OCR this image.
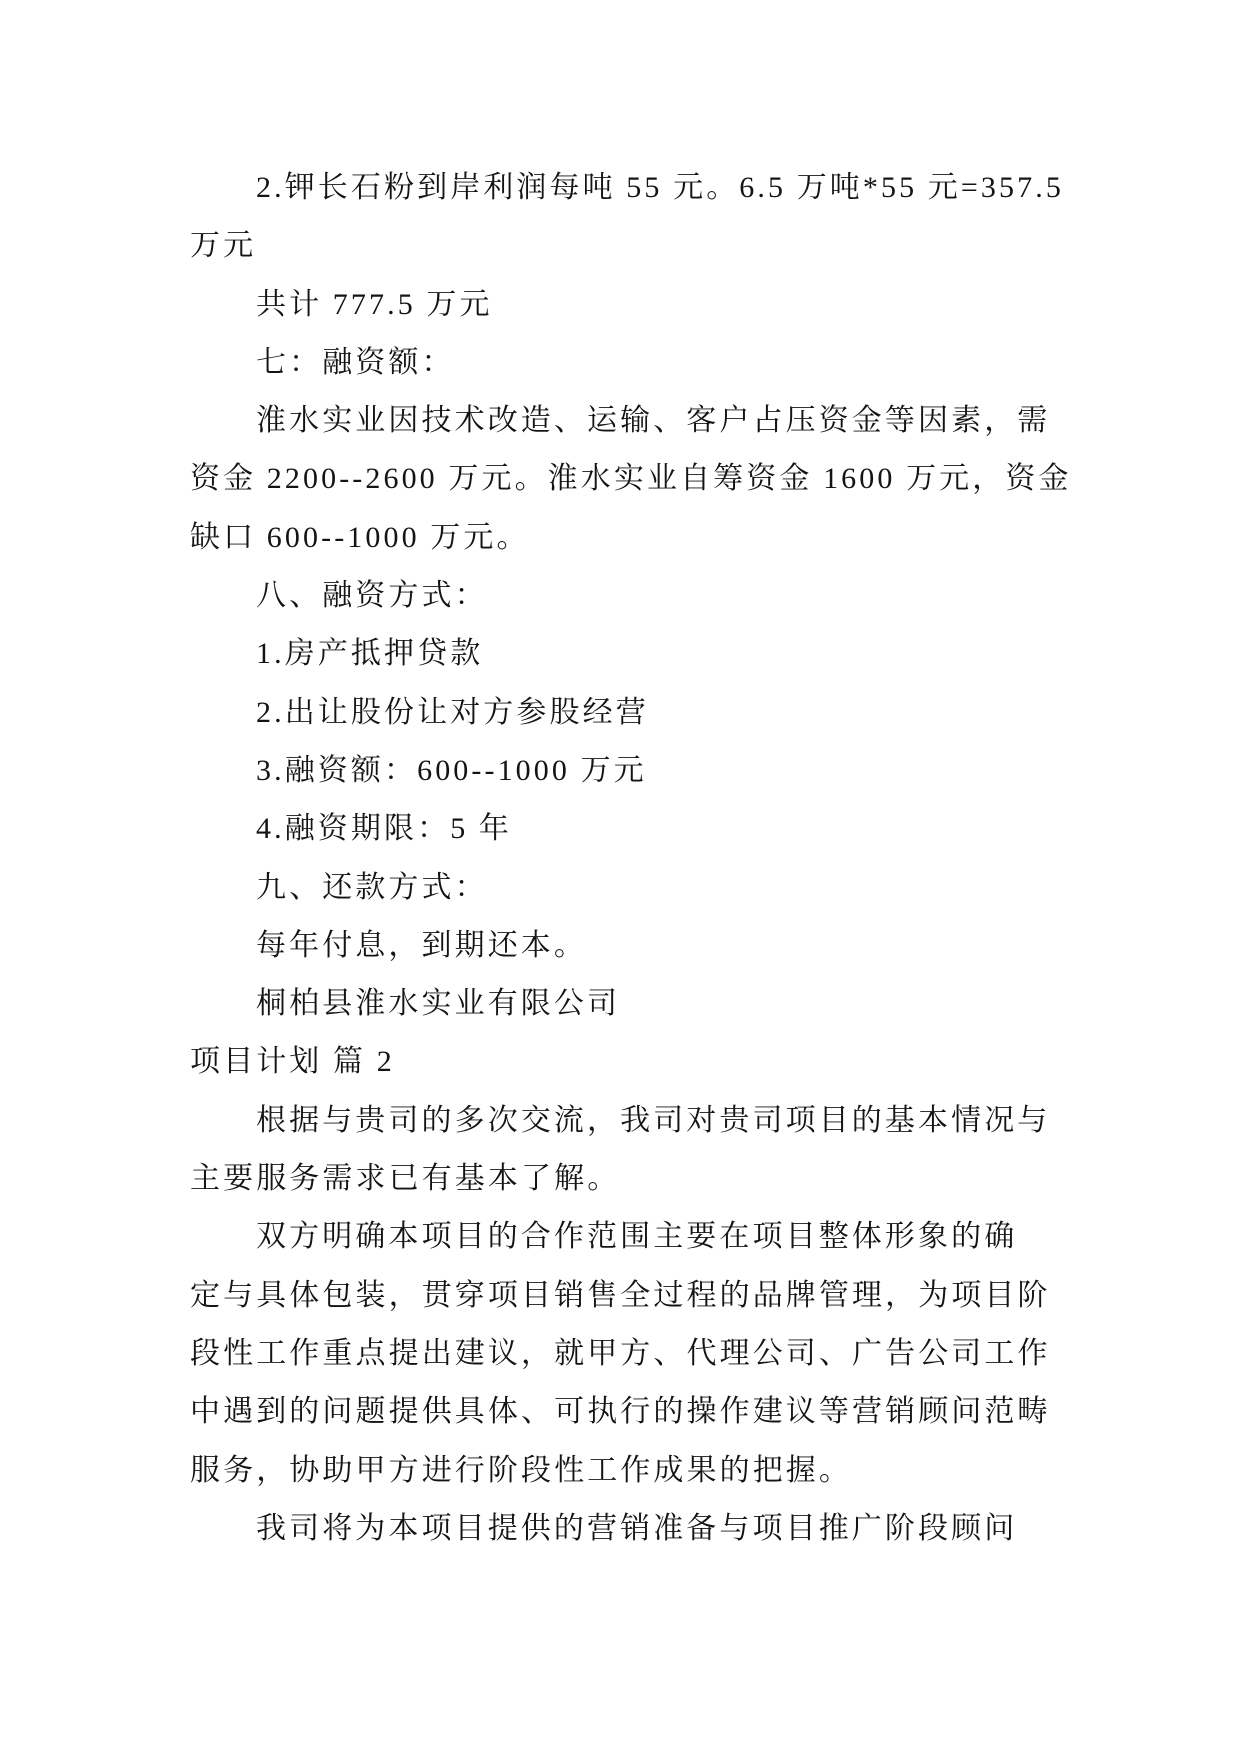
2.钾长石粉到岸利润每吨 55 元。6.5 万吨*55 元=357.5
万元
共计 777.5 万元
七：融资额：
淮水实业因技术改造、运输、客户占压资金等因素，需
资金 2200--2600 万元。淮水实业自筹资金 1600 万元，资金
缺口 600--1000 万元。
八、融资方式：
1.房产抵押贷款
2.出让股份让对方参股经营
3.融资额：600--1000 万元
4.融资期限：5 年
九、还款方式：
每年付息，到期还本。
桐柏县淮水实业有限公司
项目计划 篇 2
根据与贵司的多次交流，我司对贵司项目的基本情况与
主要服务需求已有基本了解。
双方明确本项目的合作范围主要在项目整体形象的确
定与具体包装，贯穿项目销售全过程的品牌管理，为项目阶
段性工作重点提出建议，就甲方、代理公司、广告公司工作
中遇到的问题提供具体、可执行的操作建议等营销顾问范畴
服务，协助甲方进行阶段性工作成果的把握。
我司将为本项目提供的营销准备与项目推广阶段顾问
